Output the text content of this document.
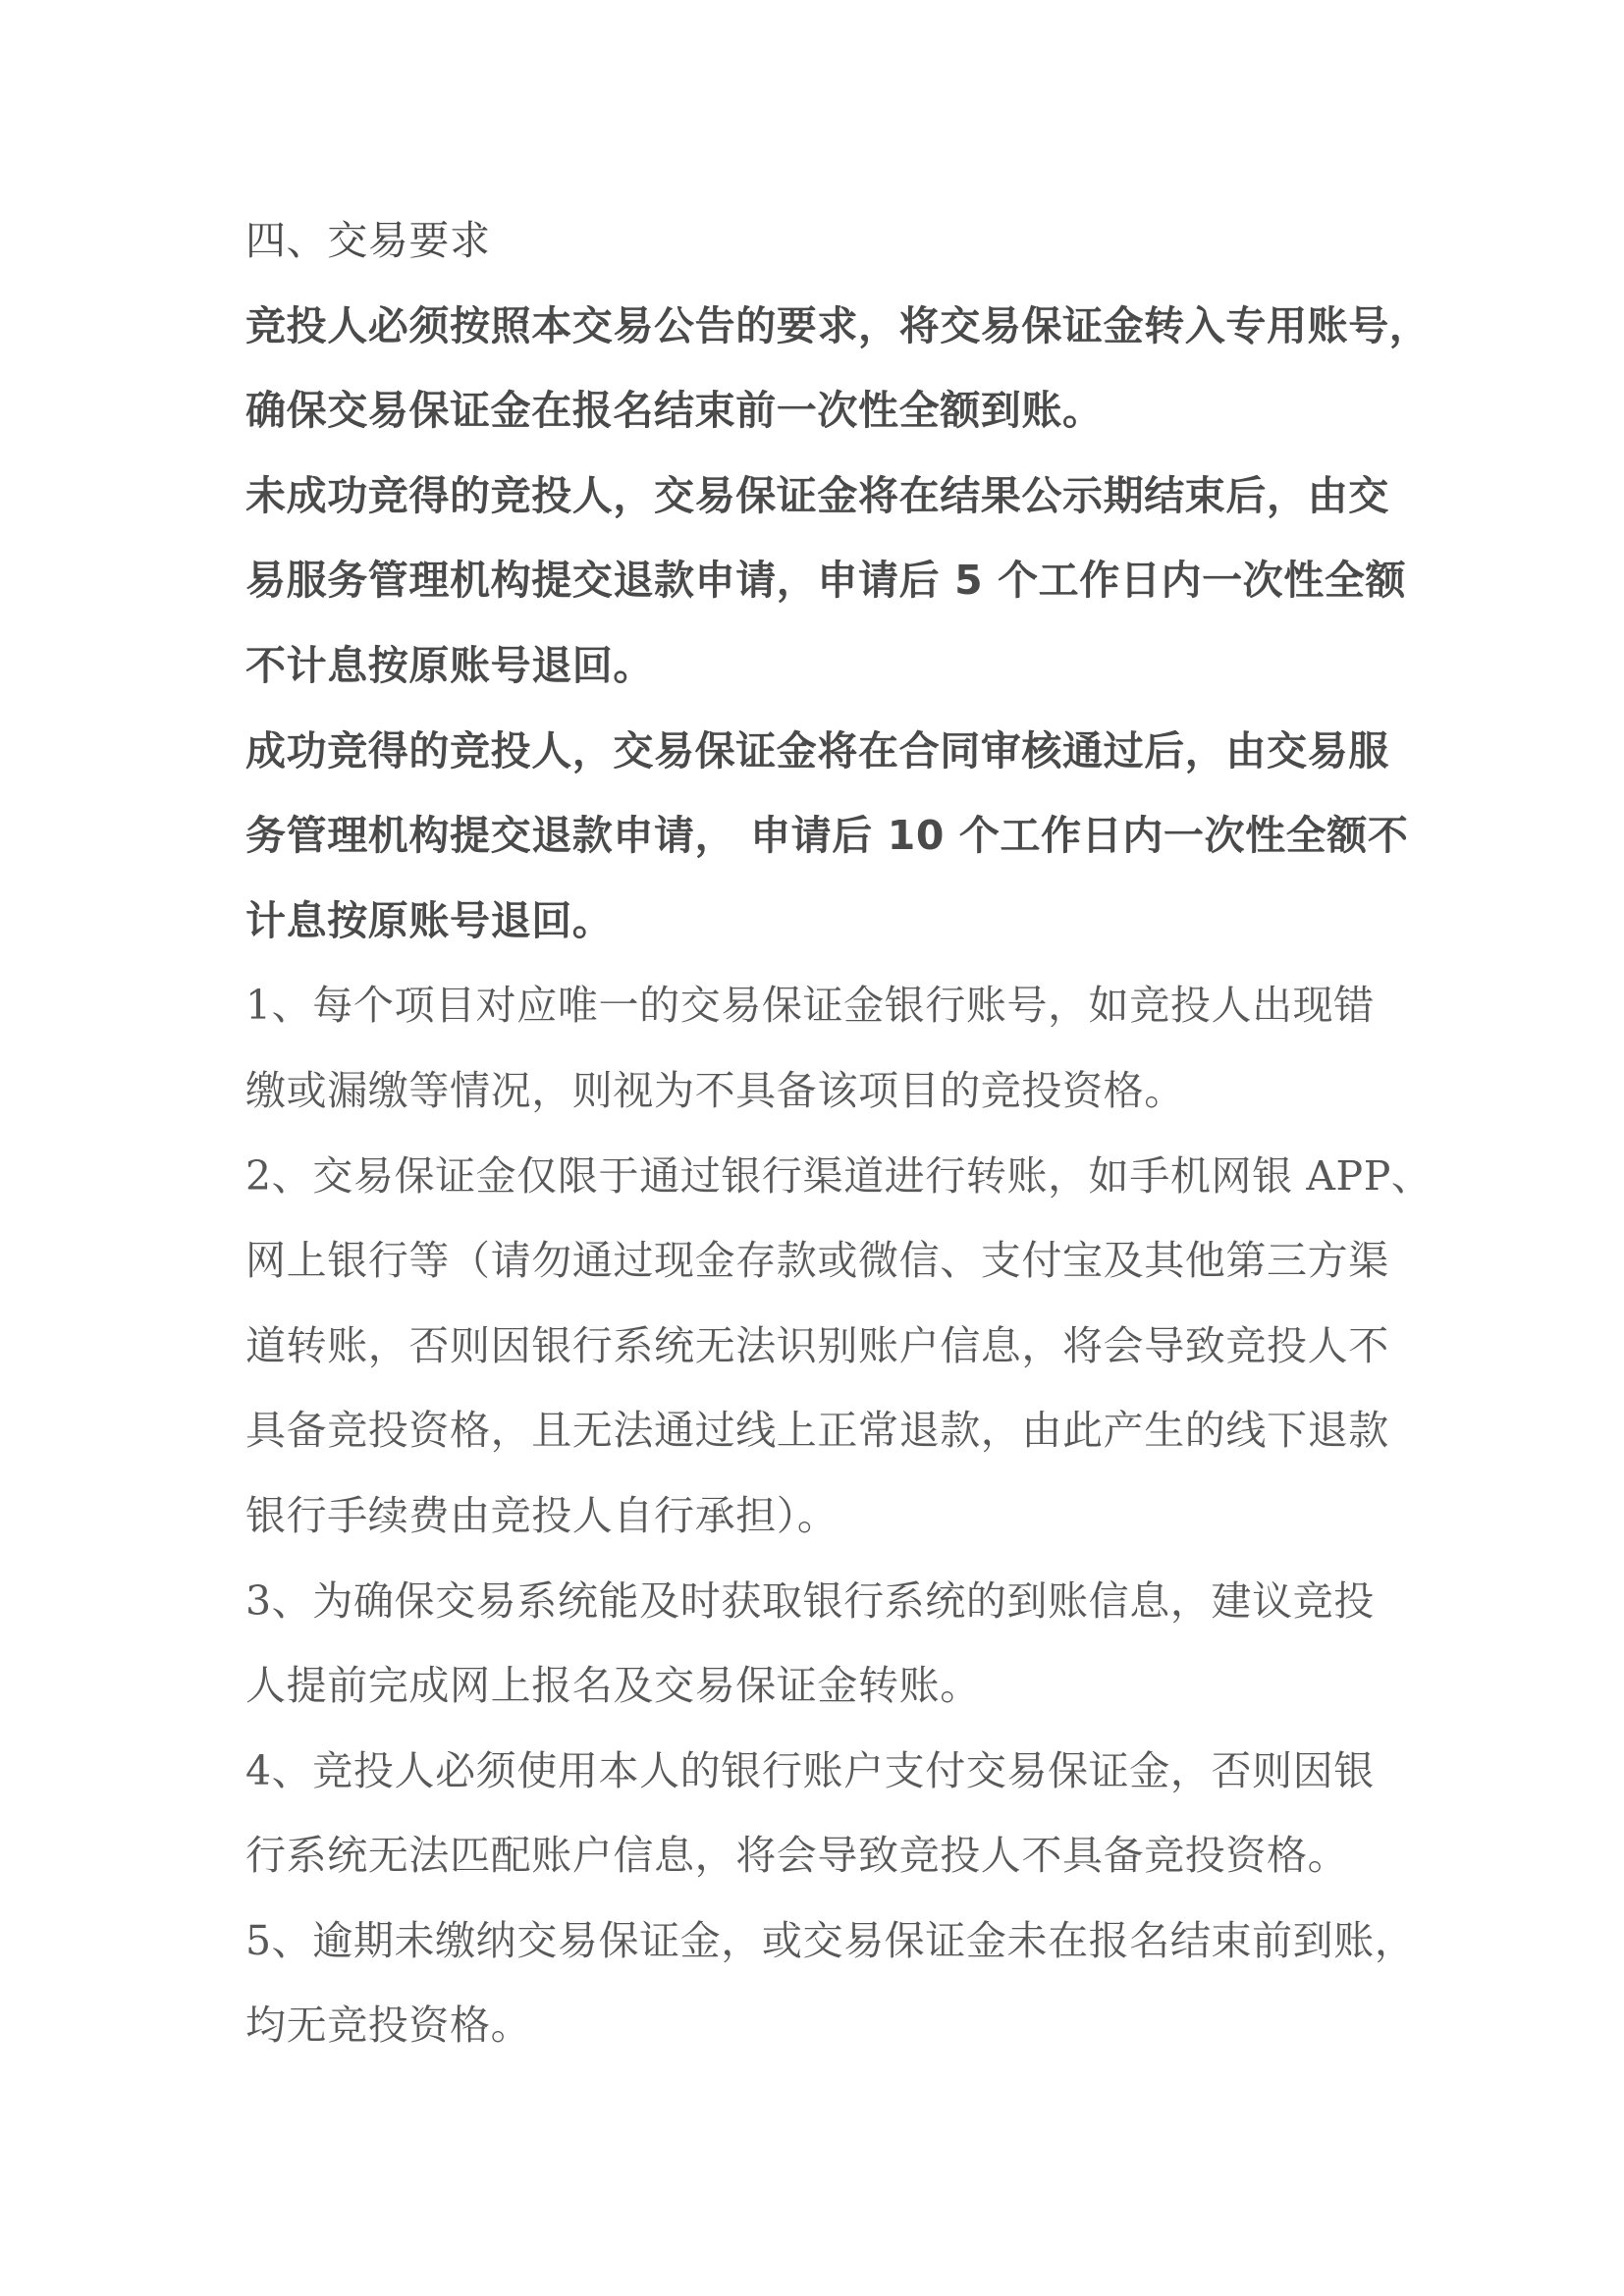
四、交易要求
竞投人必须按照本交易公告的要求，将交易保证金转入专用账号，
确保交易保证金在报名结束前一次性全额到账。
未成功竞得的竞投人，交易保证金将在结果公示期结束后，由交
易服务管理机构提交退款申请，申请后 5 个工作日内一次性全额
不计息按原账号退回。
成功竞得的竞投人，交易保证金将在合同审核通过后，由交易服
务管理机构提交退款申请， 申请后 10 个工作日内一次性全额不
计息按原账号退回。
1、每个项目对应唯一的交易保证金银行账号，如竞投人出现错
缴或漏缴等情况，则视为不具备该项目的竞投资格。
2、交易保证金仅限于通过银行渠道进行转账，如手机网银 APP、
网上银行等（请勿通过现金存款或微信、支付宝及其他第三方渠
道转账，否则因银行系统无法识别账户信息，将会导致竞投人不
具备竞投资格，且无法通过线上正常退款，由此产生的线下退款
银行手续费由竞投人自行承担）。
3、为确保交易系统能及时获取银行系统的到账信息，建议竞投
人提前完成网上报名及交易保证金转账。
4、竞投人必须使用本人的银行账户支付交易保证金，否则因银
行系统无法匹配账户信息，将会导致竞投人不具备竞投资格。
5、逾期未缴纳交易保证金，或交易保证金未在报名结束前到账，
均无竞投资格。
